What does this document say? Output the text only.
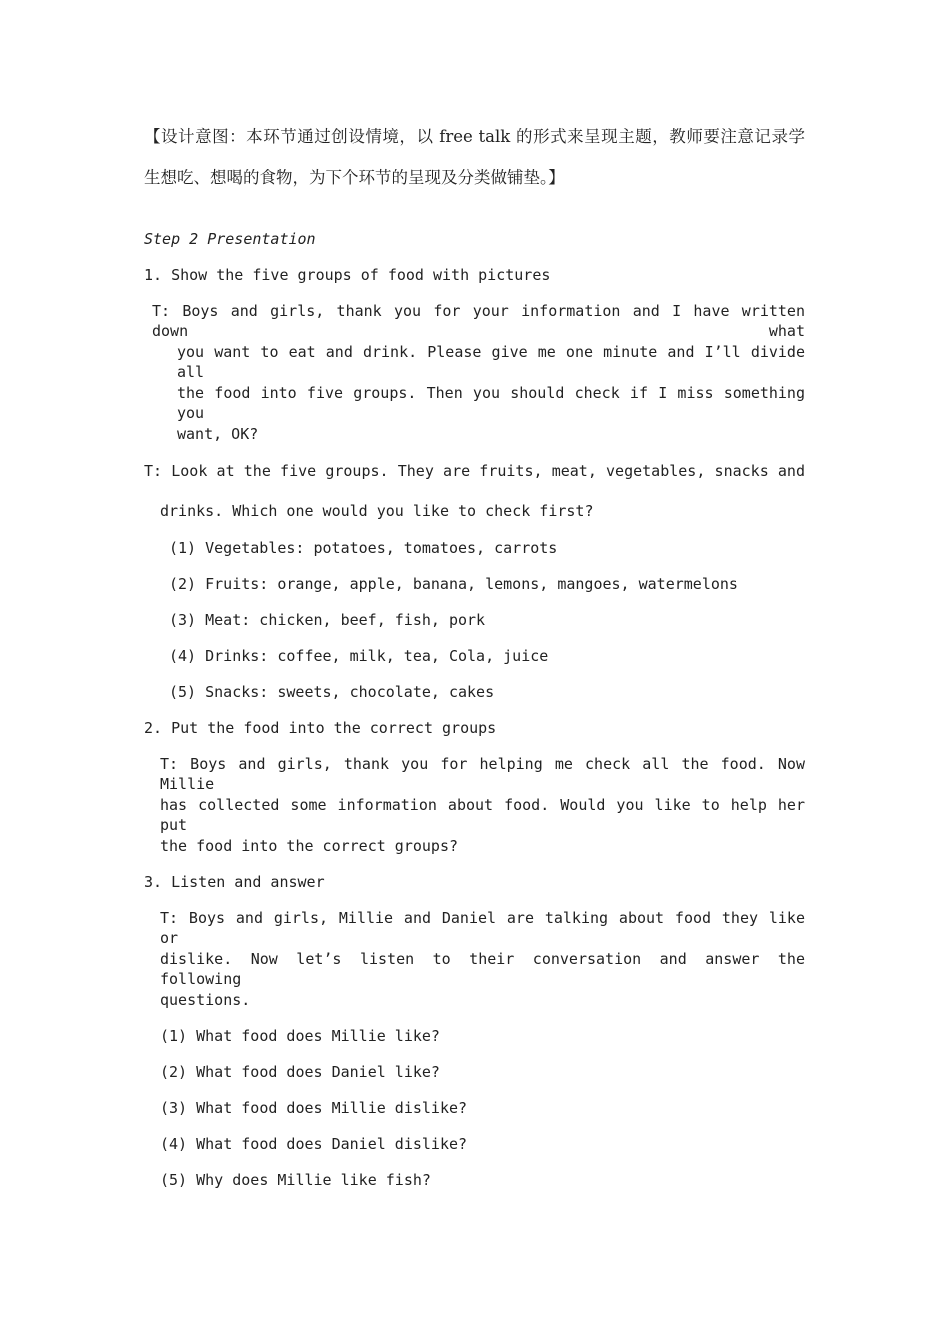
【设计意图：本环节通过创设情境，以 free talk 的形式来呈现主题，教师要注意记录学
生想吃、想喝的食物，为下个环节的呈现及分类做铺垫。】
Step 2 Presentation
1. Show the five groups of food with pictures
T: Boys and girls, thank you for your information and I have written down what
you want to eat and drink. Please give me one minute and I’ll divide all
the food into five groups. Then you should check if I miss something you
want, OK?
T: Look at the five groups. They are fruits, meat, vegetables, snacks and
drinks. Which one would you like to check first?
(1) Vegetables: potatoes, tomatoes, carrots
(2) Fruits: orange, apple, banana, lemons, mangoes, watermelons
(3) Meat: chicken, beef, fish, pork
(4) Drinks: coffee, milk, tea, Cola, juice
(5) Snacks: sweets, chocolate, cakes
2. Put the food into the correct groups
T: Boys and girls, thank you for helping me check all the food. Now Millie
has collected some information about food. Would you like to help her put
the food into the correct groups?
3. Listen and answer
T: Boys and girls, Millie and Daniel are talking about food they like or
dislike. Now let’s listen to their conversation and answer the following
questions.
(1) What food does Millie like?
(2) What food does Daniel like?
(3) What food does Millie dislike?
(4) What food does Daniel dislike?
(5) Why does Millie like fish?
